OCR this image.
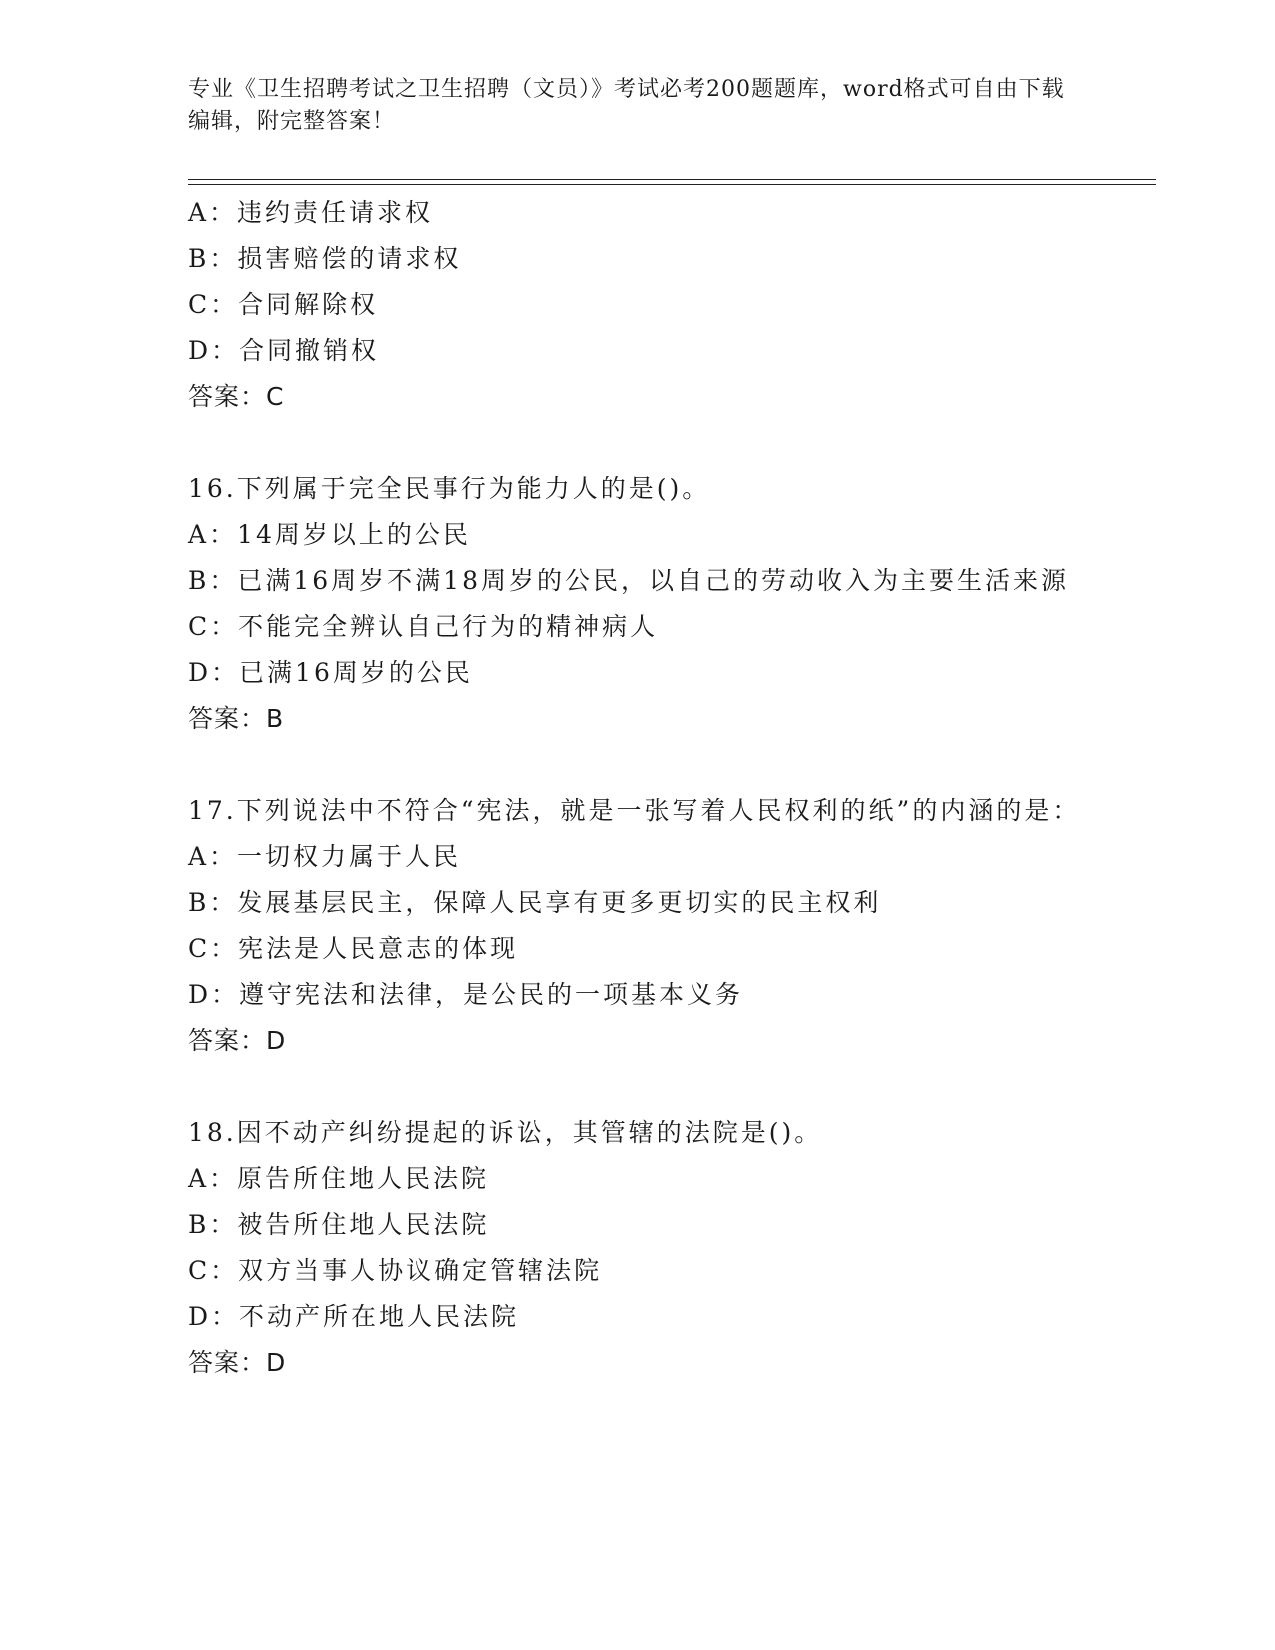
专业《卫生招聘考试之卫生招聘（文员）》考试必考200题题库，word格式可自由下载编辑，附完整答案！

A：违约责任请求权

B：损害赔偿的请求权

C：合同解除权

D：合同撤销权

答案：C

16.下列属于完全民事行为能力人的是()。

A：14周岁以上的公民

B：已满16周岁不满18周岁的公民，以自己的劳动收入为主要生活来源

C：不能完全辨认自己行为的精神病人

D：已满16周岁的公民

答案：B

17.下列说法中不符合“宪法，就是一张写着人民权利的纸”的内涵的是：

A：一切权力属于人民

B：发展基层民主，保障人民享有更多更切实的民主权利

C：宪法是人民意志的体现

D：遵守宪法和法律，是公民的一项基本义务

答案：D

18.因不动产纠纷提起的诉讼，其管辖的法院是()。

A：原告所住地人民法院

B：被告所住地人民法院

C：双方当事人协议确定管辖法院

D：不动产所在地人民法院

答案：D
